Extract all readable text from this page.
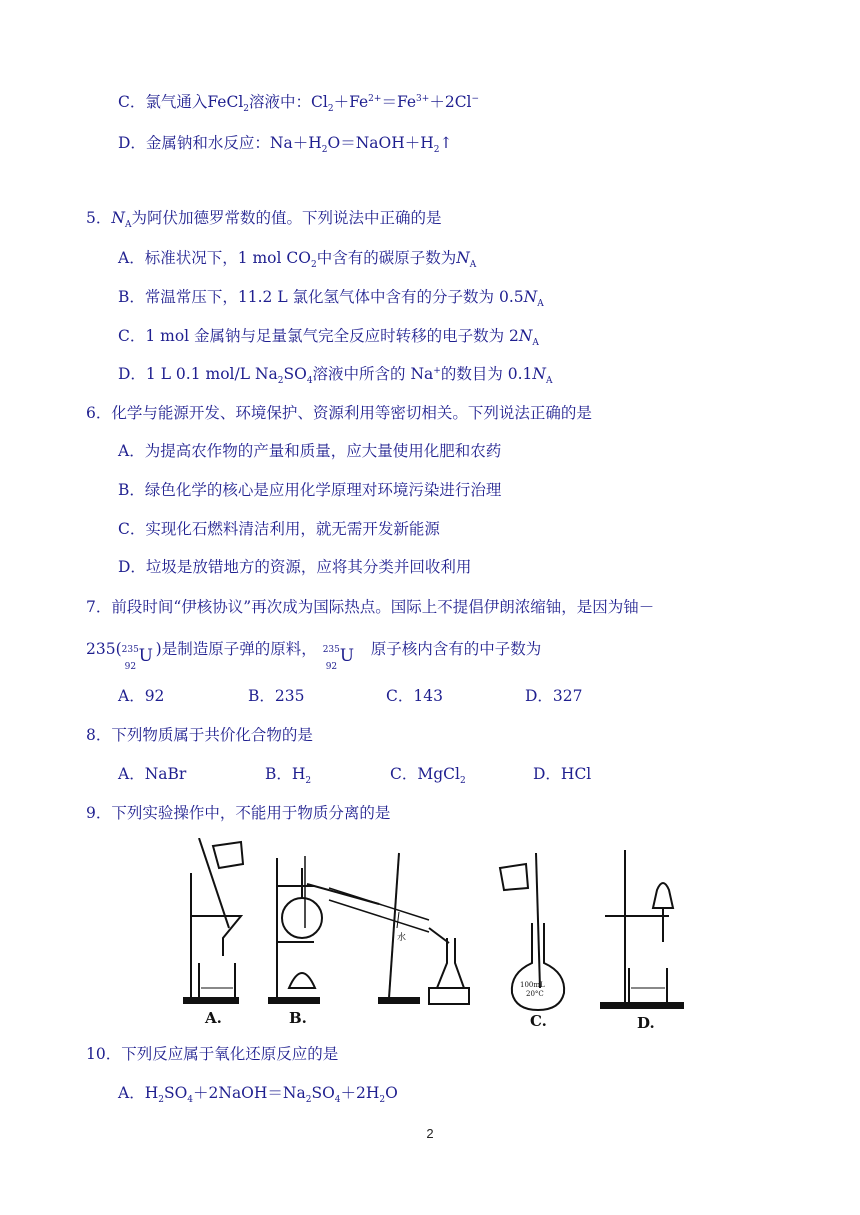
C．氯气通入FeCl$_2$溶液中：$Cl_2+Fe^{2+}=Fe^{3+}+2Cl^-$
D．金属钠和水反应：$Na+H_2O=NaOH+H_2↑$
5．$N_A$为阿伏加德罗常数的值。下列说法中正确的是
A．标准状况下，1 mol $CO_2$中含有的碳原子数为$N_A$
B．常温常压下，11.2 L 氯化氢气体中含有的分子数为 $0.5N_A$
C．1 mol 金属钠与足量氯气完全反应时转移的电子数为 $2N_A$
D．1 L 0.1 mol/L $Na_2SO_4$溶液中所含的 Na+的数目为 $0.1N_A$
6．化学与能源开发、环境保护、资源利用等密切相关。下列说法正确的是
A．为提高农作物的产量和质量，应大量使用化肥和农药
B．绿色化学的核心是应用化学原理对环境污染进行治理
C．实现化石燃料清洁利用，就无需开发新能源
D．垃圾是放错地方的资源，应将其分类并回收利用
7．前段时间“伊核协议”再次成为国际热点。国际上不提倡伊朗浓缩铀，是因为铀－
235( 235
92
U )是制造原子弹的原料， 235
92
U 原子核内含有的中子数为
A．92	B．235	C．143	D．327
8．下列物质属于共价化合物的是
A．NaBr	B．$H_2$	C．MgCl$_2$	D．HCl
9．下列实验操作中，不能用于物质分离的是
A.
水
B.
100mL
20°C
C.	D.
10．下列反应属于氧化还原反应的是
A．$H_2SO_4+2NaOH=Na_2SO_4+2H_2O$
2
